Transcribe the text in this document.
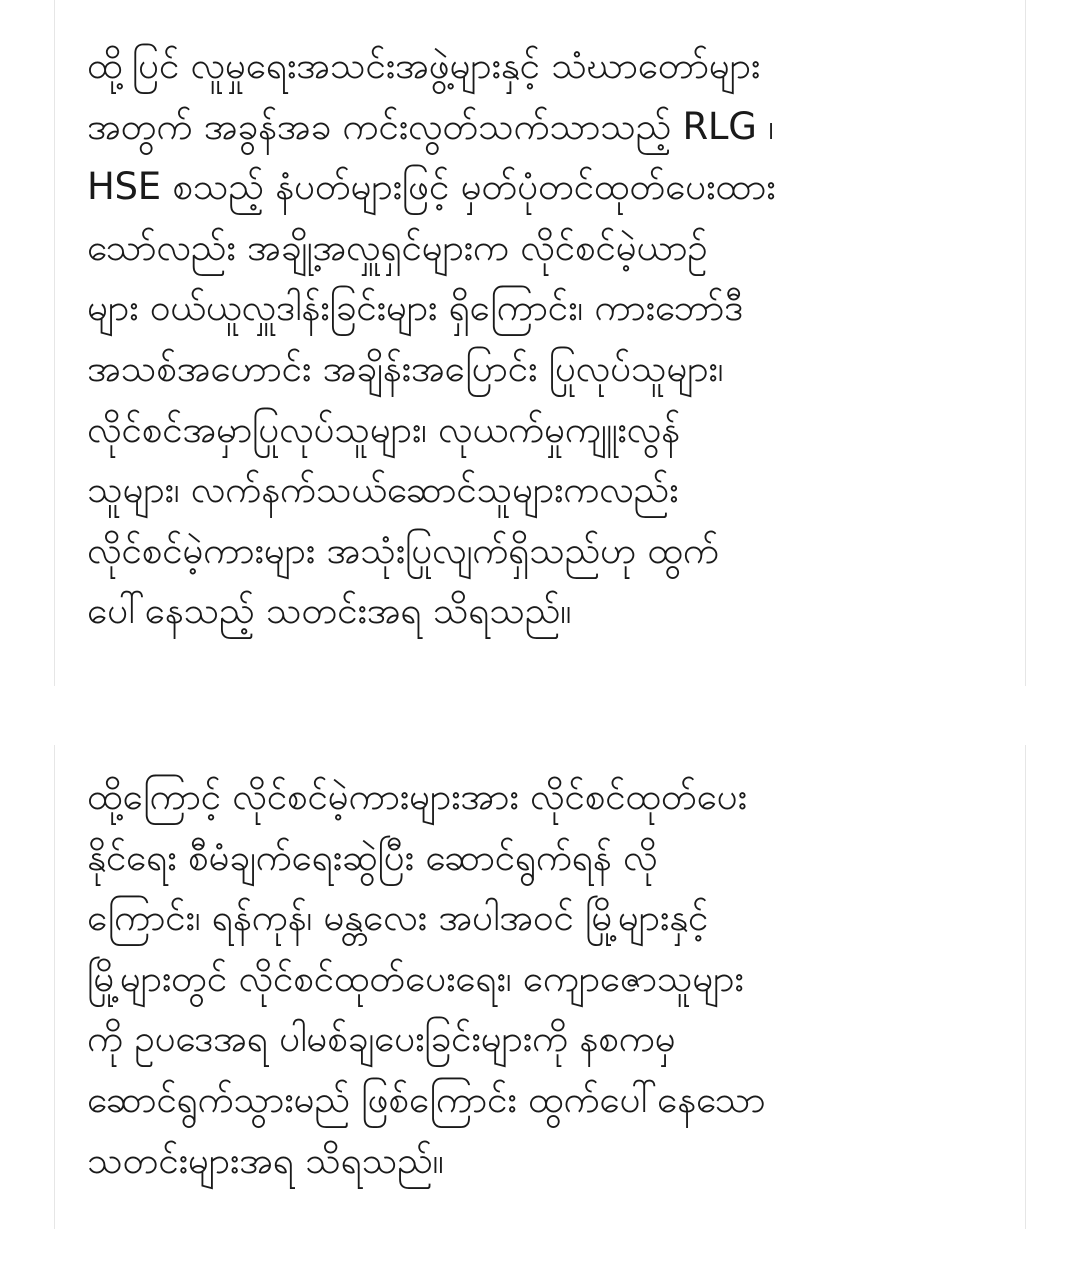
ထို့ပြင် လူမှုရေးအသင်းအဖွဲ့များနှင့် သံဃာတော်များ
အတွက် အခွန်အခ ကင်းလွတ်သက်သာသည့် RLG ၊
HSE စသည့် နံပတ်များဖြင့် မှတ်ပုံတင်ထုတ်ပေးထား
သော်လည်း အချို့အလှူရှင်များက လိုင်စင်မဲ့ယာဉ်
များ ဝယ်ယူလှူဒါန်းခြင်းများ ရှိကြောင်း၊ ကားဘော်ဒီ
အသစ်အဟောင်း အချိန်းအပြောင်း ပြုလုပ်သူများ၊
လိုင်စင်အမှာပြုလုပ်သူများ၊ လုယက်မှုကျူးလွန်
သူများ၊ လက်နက်သယ်ဆောင်သူများကလည်း
လိုင်စင်မဲ့ကားများ အသုံးပြုလျက်ရှိသည်ဟု ထွက်
ပေါ်နေသည့် သတင်းအရ သိရသည်။

ထို့ကြောင့် လိုင်စင်မဲ့ကားများအား လိုင်စင်ထုတ်ပေး
နိုင်ရေး စီမံချက်ရေးဆွဲပြီး ဆောင်ရွက်ရန် လို
ကြောင်း၊ ရန်ကုန်၊ မန္တလေး အပါအဝင် မြို့များနှင့်
မြို့များတွင် လိုင်စင်ထုတ်ပေးရေး၊ ကျောဇောသူများ
ကို ဥပဒေအရ ပါမစ်ချပေးခြင်းများကို နစကမှ
ဆောင်ရွက်သွားမည် ဖြစ်ကြောင်း ထွက်ပေါ်နေသော
သတင်းများအရ သိရသည်။
